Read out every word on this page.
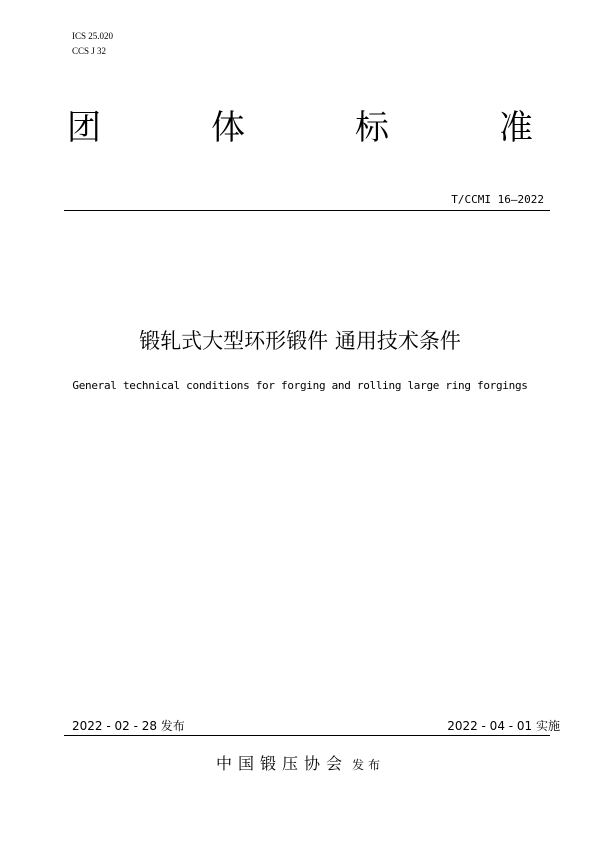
ICS 25.020
CCS J 32
团	体	标	准
T/CCMI 16—2022
锻轧式大型环形锻件 通用技术条件
General technical conditions for forging and rolling large ring forgings
2022 - 02 - 28 发布	2022 - 04 - 01 实施
中国锻压协会 发布
